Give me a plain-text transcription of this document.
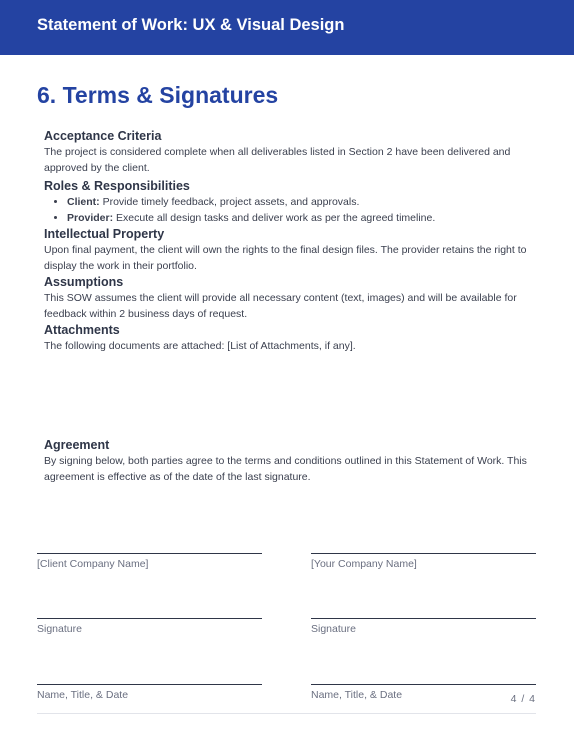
Statement of Work: UX & Visual Design
6. Terms & Signatures

Acceptance Criteria

The project is considered complete when all deliverables listed in Section 2 have been delivered and approved by the client.

Roles & Responsibilities

• Client: Provide timely feedback, project assets, and approvals.
• Provider: Execute all design tasks and deliver work as per the agreed timeline.

Intellectual Property

Upon final payment, the client will own the rights to the final design files. The provider retains the right to display the work in their portfolio.

Assumptions

This SOW assumes the client will provide all necessary content (text, images) and will be available for feedback within 2 business days of request.

Attachments

The following documents are attached: [List of Attachments, if any].

Agreement

By signing below, both parties agree to the terms and conditions outlined in this Statement of Work. This agreement is effective as of the date of the last signature.

[Client Company Name]
Signature
Name, Title, & Date
[Your Company Name]
Signature
Name, Title, & Date	4 / 4
